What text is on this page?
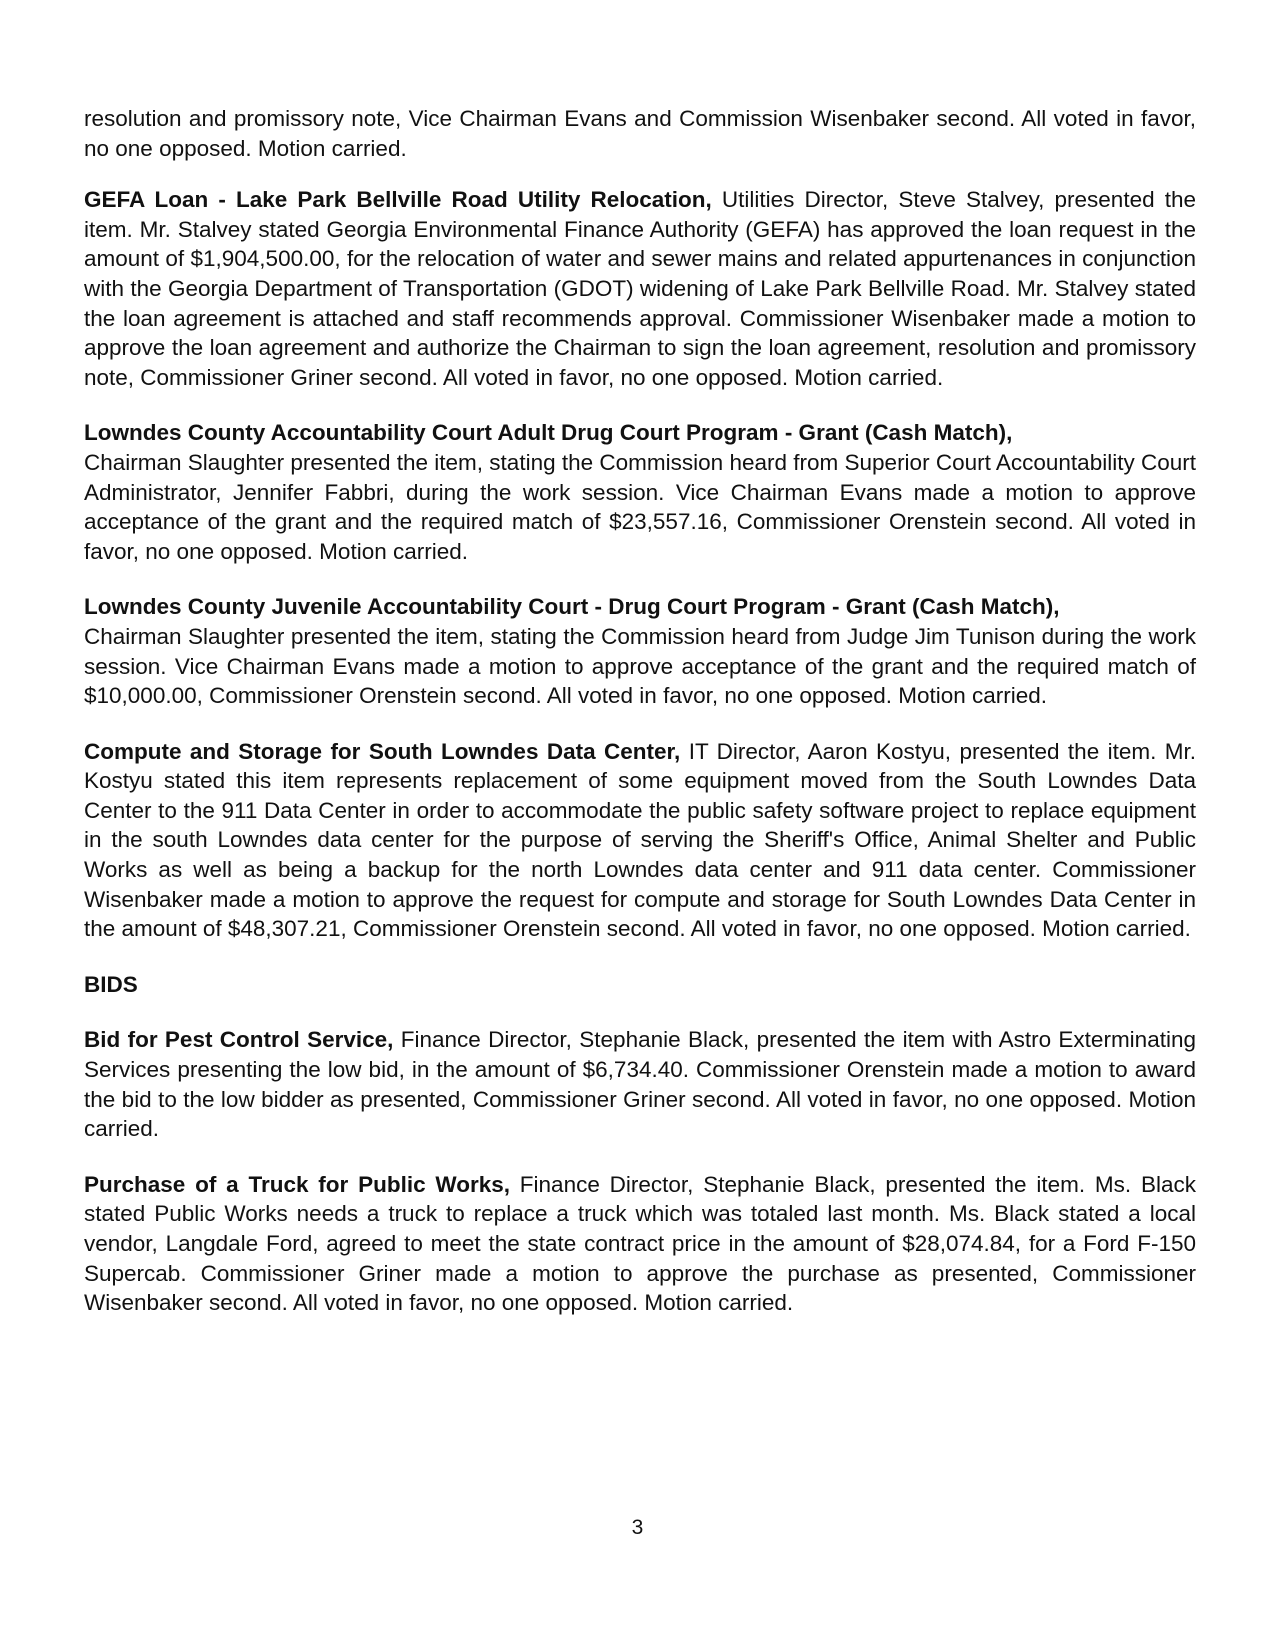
resolution and promissory note, Vice Chairman Evans and Commission Wisenbaker second. All voted in favor, no one opposed. Motion carried.

GEFA Loan - Lake Park Bellville Road Utility Relocation, Utilities Director, Steve Stalvey, presented the item. Mr. Stalvey stated Georgia Environmental Finance Authority (GEFA) has approved the loan request in the amount of $1,904,500.00, for the relocation of water and sewer mains and related appurtenances in conjunction with the Georgia Department of Transportation (GDOT) widening of Lake Park Bellville Road. Mr. Stalvey stated the loan agreement is attached and staff recommends approval. Commissioner Wisenbaker made a motion to approve the loan agreement and authorize the Chairman to sign the loan agreement, resolution and promissory note, Commissioner Griner second. All voted in favor, no one opposed. Motion carried.

Lowndes County Accountability Court Adult Drug Court Program - Grant (Cash Match),

Chairman Slaughter presented the item, stating the Commission heard from Superior Court Accountability Court Administrator, Jennifer Fabbri, during the work session. Vice Chairman Evans made a motion to approve acceptance of the grant and the required match of $23,557.16, Commissioner Orenstein second. All voted in favor, no one opposed. Motion carried.

Lowndes County Juvenile Accountability Court - Drug Court Program - Grant (Cash Match),

Chairman Slaughter presented the item, stating the Commission heard from Judge Jim Tunison during the work session. Vice Chairman Evans made a motion to approve acceptance of the grant and the required match of $10,000.00, Commissioner Orenstein second. All voted in favor, no one opposed. Motion carried.

Compute and Storage for South Lowndes Data Center, IT Director, Aaron Kostyu, presented the item. Mr. Kostyu stated this item represents replacement of some equipment moved from the South Lowndes Data Center to the 911 Data Center in order to accommodate the public safety software project to replace equipment in the south Lowndes data center for the purpose of serving the Sheriff's Office, Animal Shelter and Public Works as well as being a backup for the north Lowndes data center and 911 data center. Commissioner Wisenbaker made a motion to approve the request for compute and storage for South Lowndes Data Center in the amount of $48,307.21, Commissioner Orenstein second. All voted in favor, no one opposed. Motion carried.

BIDS

Bid for Pest Control Service, Finance Director, Stephanie Black, presented the item with Astro Exterminating Services presenting the low bid, in the amount of $6,734.40. Commissioner Orenstein made a motion to award the bid to the low bidder as presented, Commissioner Griner second. All voted in favor, no one opposed. Motion carried.

Purchase of a Truck for Public Works, Finance Director, Stephanie Black, presented the item. Ms. Black stated Public Works needs a truck to replace a truck which was totaled last month. Ms. Black stated a local vendor, Langdale Ford, agreed to meet the state contract price in the amount of $28,074.84, for a Ford F-150 Supercab. Commissioner Griner made a motion to approve the purchase as presented, Commissioner Wisenbaker second. All voted in favor, no one opposed. Motion carried.

3
